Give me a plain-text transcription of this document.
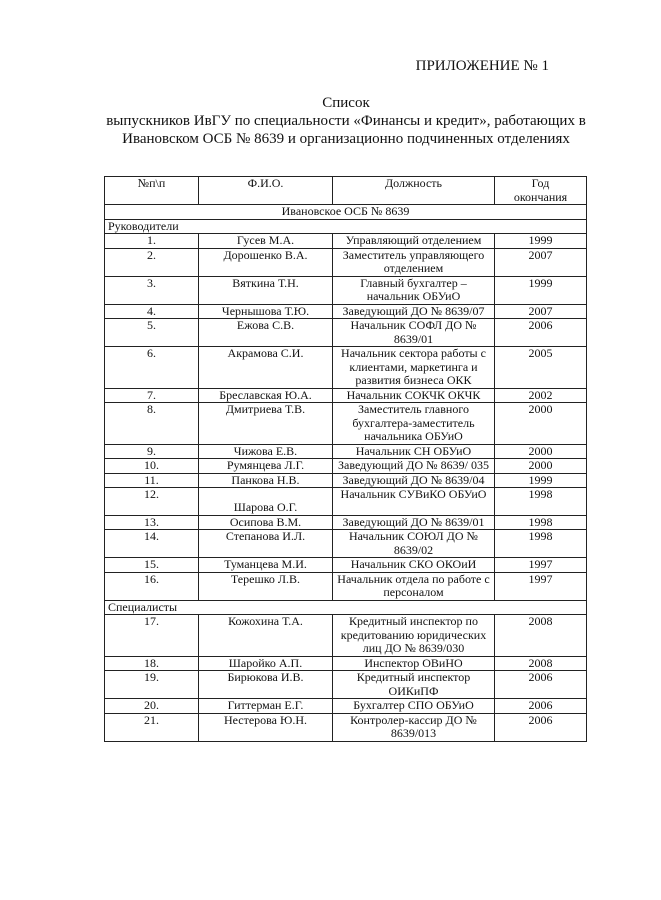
ПРИЛОЖЕНИЕ № 1
Список
выпускников ИвГУ по специальности «Финансы и кредит», работающих в
Ивановском ОСБ № 8639 и организационно подчиненных отделениях
№п\п	Ф.И.О.	Должность	Год
окончания

Ивановское ОСБ № 8639			
Руководители			
1.	Гусев М.А.	Управляющий отделением	1999
2.	Дорошенко В.А.	Заместитель управляющего отделением	2007
3.	Вяткина Т.Н.	Главный бухгалтер – начальник ОБУиО	1999
4.	Чернышова Т.Ю.	Заведующий ДО № 8639/07	2007
5.	Ежова С.В.	Начальник СОФЛ ДО № 8639/01	2006
6.	Акрамова С.И.	Начальник сектора работы с клиентами, маркетинга и развития бизнеса ОКК	2005
7.	Бреславская Ю.А.	Начальник СОКЧК ОКЧК	2002
8.	Дмитриева Т.В.	Заместитель главного бухгалтера-заместитель начальника ОБУиО	2000
9.	Чижова Е.В.	Начальник СН ОБУиО	2000
10.	Румянцева Л.Г.	Заведующий ДО № 8639/ 035	2000
11.	Панкова Н.В.	Заведующий ДО № 8639/04	1999
12.	Шарова О.Г.	Начальник СУВиКО ОБУиО	1998
13.	Осипова В.М.	Заведующий ДО № 8639/01	1998
14.	Степанова И.Л.	Начальник СОЮЛ ДО № 8639/02	1998
15.	Туманцева М.И.	Начальник СКО ОКОиИ	1997
16.	Терешко Л.В.	Начальник отдела по работе с персоналом	1997
Специалисты			
17.	Кожохина Т.А.	Кредитный инспектор по кредитованию юридических лиц ДО № 8639/030	2008
18.	Шаройко А.П.	Инспектор ОВиНО	2008
19.	Бирюкова И.В.	Кредитный инспектор ОИКиПФ	2006
20.	Гиттерман Е.Г.	Бухгалтер СПО ОБУиО	2006
21.	Нестерова Ю.Н.	Контролер-кассир ДО № 8639/013	2006
